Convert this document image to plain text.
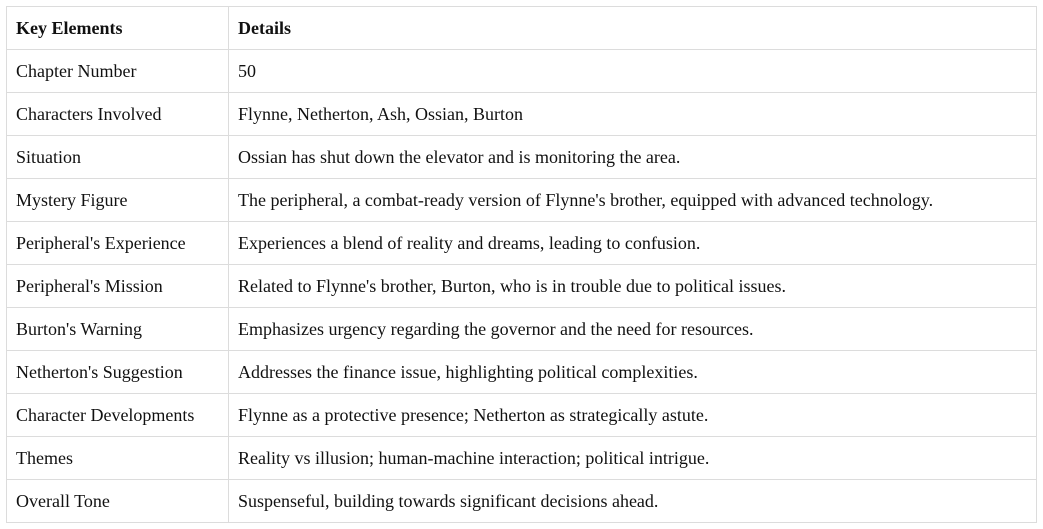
Key Elements	Details
Chapter Number	50
Characters Involved	Flynne, Netherton, Ash, Ossian, Burton
Situation	Ossian has shut down the elevator and is monitoring the area.
Mystery Figure	The peripheral, a combat-ready version of Flynne's brother, equipped with advanced technology.
Peripheral's Experience	Experiences a blend of reality and dreams, leading to confusion.
Peripheral's Mission	Related to Flynne's brother, Burton, who is in trouble due to political issues.
Burton's Warning	Emphasizes urgency regarding the governor and the need for resources.
Netherton's Suggestion	Addresses the finance issue, highlighting political complexities.
Character Developments	Flynne as a protective presence; Netherton as strategically astute.
Themes	Reality vs illusion; human-machine interaction; political intrigue.
Overall Tone	Suspenseful, building towards significant decisions ahead.
